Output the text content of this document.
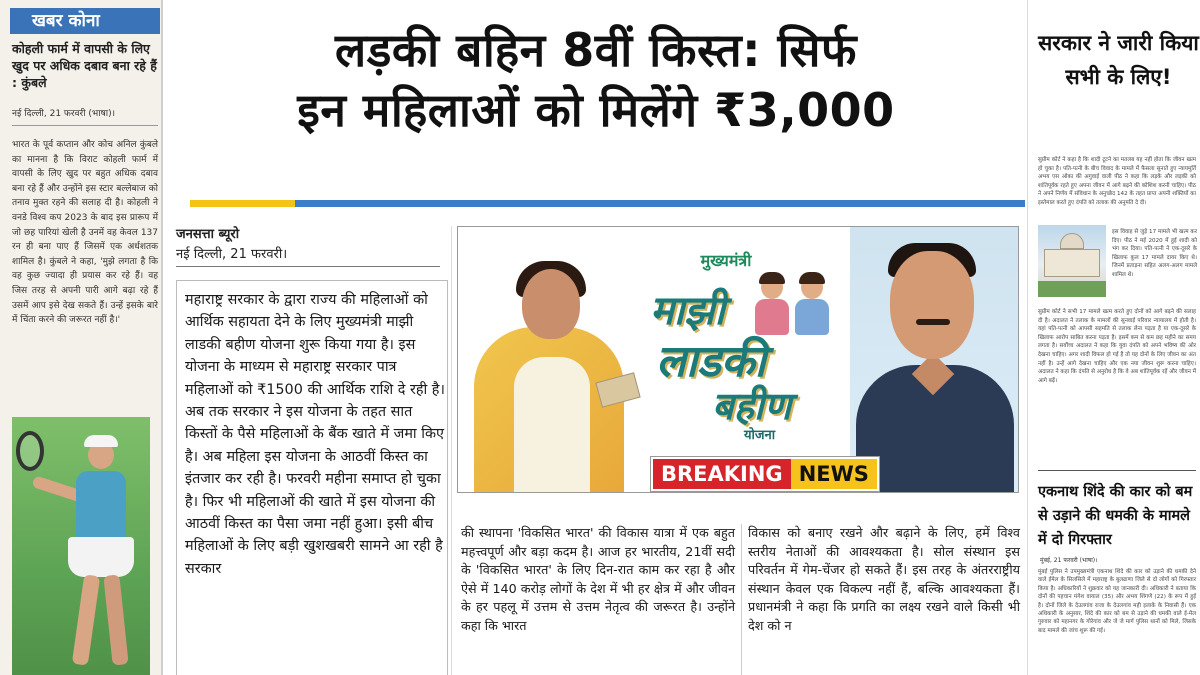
खबर कोना
कोहली फार्म में वापसी के लिए खुद पर अधिक दबाव बना रहे हैं : कुंबले
नई दिल्ली, 21 फरवरी (भाषा)।
भारत के पूर्व कप्तान और कोच अनिल कुंबले का मानना है कि विराट कोहली फार्म में वापसी के लिए खुद पर बहुत अधिक दबाव बना रहे हैं और उन्होंने इस स्टार बल्लेबाज को तनाव मुक्त रहने की सलाह दी है। कोहली ने वनडे विश्व कप 2023 के बाद इस प्रारूप में जो छह पारियां खेली है उनमें वह केवल 137 रन ही बना पाए हैं जिसमें एक अर्धशतक शामिल है। कुंबले ने कहा, 'मुझे लगता है कि वह कुछ ज्यादा ही प्रयास कर रहे हैं। वह जिस तरह से अपनी पारी आगे बढ़ा रहे हैं उसमें आप इसे देख सकते हैं। उन्हें इसके बारे में चिंता करने की जरूरत नहीं है।'
लड़की बहिन 8वीं किस्त: सिर्फ
इन महिलाओं को मिलेंगे ₹3,000
जनसत्ता ब्यूरो
नई दिल्ली, 21 फरवरी।
महाराष्ट्र सरकार के द्वारा राज्य की महिलाओं को आर्थिक सहायता देने के लिए मुख्यमंत्री माझी लाडकी बहीण योजना शुरू किया गया है। इस योजना के माध्यम से महाराष्ट्र सरकार पात्र महिलाओं को ₹1500 की आर्थिक राशि दे रही है। अब तक सरकार ने इस योजना के तहत सात किस्तों के पैसे महिलाओं के बैंक खाते में जमा किए है। अब महिला इस योजना के आठवीं किस्त का इंतजार कर रही है। फरवरी महीना समाप्त हो चुका है। फिर भी महिलाओं की खाते में इस योजना की आठवीं किस्त का पैसा जमा नहीं हुआ। इसी बीच महिलाओं के लिए बड़ी खुशखबरी सामने आ रही है सरकार
मुख्यमंत्री
माझी
लाडकी
बहीण
योजना
BREAKING NEWS
की स्थापना 'विकसित भारत' की विकास यात्रा में एक बहुत महत्त्वपूर्ण और बड़ा कदम है। आज हर भारतीय, 21वीं सदी के 'विकसित भारत' के लिए दिन-रात काम कर रहा है और ऐसे में 140 करोड़ लोगों के देश में भी हर क्षेत्र में और जीवन के हर पहलू में उत्तम से उत्तम नेतृत्व की जरूरत है। उन्होंने कहा कि भारत
विकास को बनाए रखने और बढ़ाने के लिए, हमें विश्व स्तरीय नेताओं की आवश्यकता है। सोल संस्थान इस परिवर्तन में गेम-चेंजर हो सकते हैं। इस तरह के अंतरराष्ट्रीय संस्थान केवल एक विकल्प नहीं हैं, बल्कि आवश्यकता हैं। प्रधानमंत्री ने कहा कि प्रगति का लक्ष्य रखने वाले किसी भी देश को न
सरकार ने जारी किया सभी के लिए!
सुप्रीम कोर्ट ने कहा है कि शादी टूटने का मतलब यह नहीं होता कि जीवन खत्म हो चुका है। पति-पत्नी के बीच विवाद के मामले में फैसला सुनाते हुए न्यायमूर्ति अभय एस ओका की अगुवाई वाली पीठ ने कहा कि लड़के और लड़की को शांतिपूर्वक रहते हुए अपना जीवन में आगे बढ़ने की कोशिश करनी चाहिए। पीठ ने अपने निर्णय में संविधान के अनुच्छेद 142 के तहत प्राप्त अपनी शक्तियों का इस्तेमाल करते हुए दंपति को तलाक की अनुमति दे दी।
इस विवाह से जुड़े 17 मामले भी खत्म कर दिए। पीठ ने मई 2020 में हुई शादी को भंग कर दिया। पति-पत्नी ने एक-दूसरे के खिलाफ कुल 17 मामले दायर किए थे। जिनमें प्रताड़ना सहित अलग-अलग मामले शामिल थे।
सुप्रीम कोर्ट ने सभी 17 मामले खत्म करते हुए दोनों को आगे बढ़ने की सलाह दी है। अदालत ने तलाक के मामलों की सुनवाई परिवार न्यायालय में होती है। यहां पति-पत्नी को आपसी सहमति से तलाक लेना पड़ता है या एक-दूसरे के खिलाफ आरोप साबित करना पड़ता है। इसमें कम से कम छह महीने का समय लगता है। सर्वोच्च अदालत ने कहा कि युवा दंपति को अपने भविष्य की ओर देखना चाहिए। अगर शादी विफल हो गई है तो यह दोनों के लिए जीवन का अंत नहीं है। उन्हें आगे देखना चाहिए और एक नया जीवन शुरू करना चाहिए। अदालत ने कहा कि दंपति से अनुरोध है कि वे अब शांतिपूर्वक रहें और जीवन में आगे बढ़ें।
एकनाथ शिंदे की कार को बम से उड़ाने की धमकी के मामले में दो गिरफ्तार
मुंबई, 21 फरवरी (भाषा)।
मुंबई पुलिस ने उपमुख्यमंत्री एकनाथ शिंदे की कार को उड़ाने की धमकी देने वाले ईमेल के सिलसिले में महाराष्ट्र के बुलढाणा जिले से दो लोगों को गिरफ्तार किया है। अधिकारियों ने शुक्रवार को यह जानकारी दी। अधिकारी ने बताया कि दोनों की पहचान मंगेश वायाल (35) और अभय शिंगणे (22) के रूप में हुई है। दोनों जिले के देउलगांव राजा के देउलगांव मही इलाके के निवासी हैं। एक अधिकारी के अनुसार, शिंदे की कार को बम से उड़ाने की धमकी वाले ई-मेल गुरुवार को महानगर के गोरेगांव और जे जे मार्ग पुलिस थानों को मिले, जिसके बाद मामले की जांच शुरू की गई।
